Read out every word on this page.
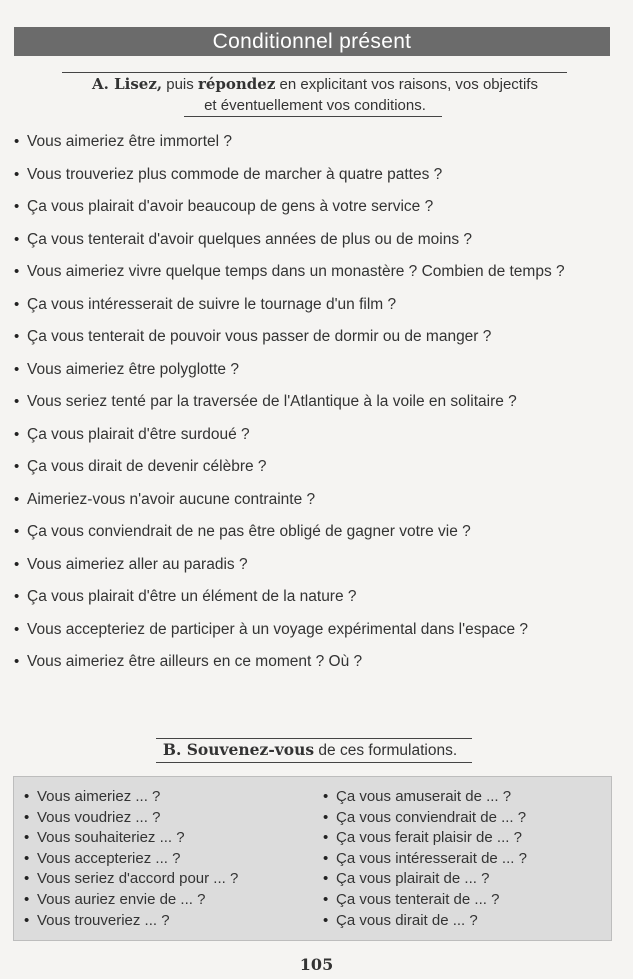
Conditionnel présent
A. Lisez, puis répondez en explicitant vos raisons, vos objectifs
et éventuellement vos conditions.
• Vous aimeriez être immortel ?
• Vous trouveriez plus commode de marcher à quatre pattes ?
• Ça vous plairait d'avoir beaucoup de gens à votre service ?
• Ça vous tenterait d'avoir quelques années de plus ou de moins ?
• Vous aimeriez vivre quelque temps dans un monastère ? Combien de temps ?
• Ça vous intéresserait de suivre le tournage d'un film ?
• Ça vous tenterait de pouvoir vous passer de dormir ou de manger ?
• Vous aimeriez être polyglotte ?
• Vous seriez tenté par la traversée de l'Atlantique à la voile en solitaire ?
• Ça vous plairait d'être surdoué ?
• Ça vous dirait de devenir célèbre ?
• Aimeriez-vous n'avoir aucune contrainte ?
• Ça vous conviendrait de ne pas être obligé de gagner votre vie ?
• Vous aimeriez aller au paradis ?
• Ça vous plairait d'être un élément de la nature ?
• Vous accepteriez de participer à un voyage expérimental dans l'espace ?
• Vous aimeriez être ailleurs en ce moment ? Où ?
B. Souvenez-vous de ces formulations.
• Vous aimeriez ... ?
• Vous voudriez ... ?
• Vous souhaiteriez ... ?
• Vous accepteriez ... ?
• Vous seriez d'accord pour ... ?
• Vous auriez envie de ... ?
• Vous trouveriez ... ?
• Ça vous amuserait de ... ?
• Ça vous conviendrait de ... ?
• Ça vous ferait plaisir de ... ?
• Ça vous intéresserait de ... ?
• Ça vous plairait de ... ?
• Ça vous tenterait de ... ?
• Ça vous dirait de ... ?
105
